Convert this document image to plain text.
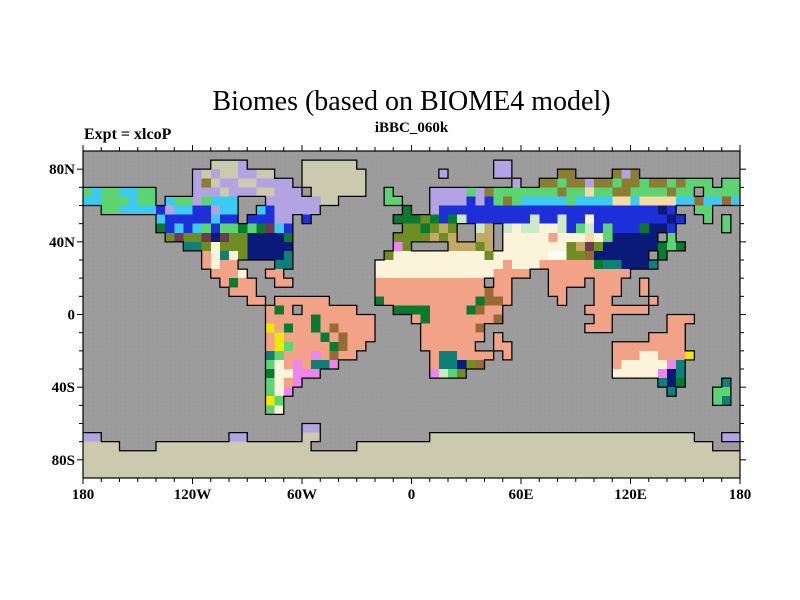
Biomes (based on BIOME4 model)
iBBC_060k
Expt = xlcoP
180	120W	60W	0	60E	120E	180
80N
40N
0
40S
80S
